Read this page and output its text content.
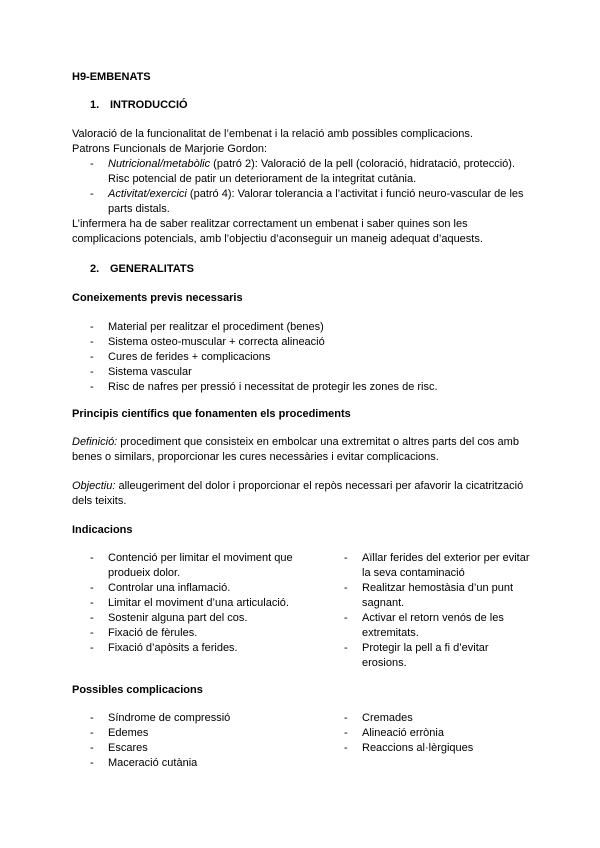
H9-EMBENATS
1. INTRODUCCIÓ

Valoració de la funcionalitat de l’embenat i la relació amb possibles complicacions.

Patrons Funcionals de Marjorie Gordon:

- Nutricional/metabòlic (patró 2): Valoració de la pell (coloració, hidratació, protecció). Risc potencial de patir un deteriorament de la integritat cutània.
- Activitat/exercici (patró 4): Valorar tolerancia a l’activitat i funció neuro-vascular de les parts distals.

L’infermera ha de saber realitzar correctament un embenat i saber quines son les complicacions potencials, amb l’objectiu d’aconseguir un maneig adequat d’aquests.

2. GENERALITATS
Coneixements previs necessaris
- Material per realitzar el procediment (benes)
- Sistema osteo-muscular + correcta alineació
- Cures de ferides + complicacions
- Sistema vascular
- Risc de nafres per pressió i necessitat de protegir les zones de risc.
Principis científics que fonamenten els procediments

Definició: procediment que consisteix en embolcar una extremitat o altres parts del cos amb benes o similars, proporcionar les cures necessàries i evitar complicacions.

Objectiu: alleugeriment del dolor i proporcionar el repòs necessari per afavorir la cicatrització dels teixits.

Indicacions
- Contenció per limitar el moviment que produeix dolor.
- Controlar una inflamació.
- Limitar el moviment d’una articulació.
- Sostenir alguna part del cos.
- Fixació de fèrules.
- Fixació d’apòsits a ferides.
- Aïllar ferides del exterior per evitar la seva contaminació
- Realitzar hemostàsia d’un punt sagnant.
- Activar el retorn venós de les extremitats.
- Protegir la pell a fi d’evitar erosions.
Possibles complicacions
- Síndrome de compressió
- Edemes
- Escares
- Maceració cutània
- Cremades
- Alineació errònia
- Reaccions al·lèrgiques
